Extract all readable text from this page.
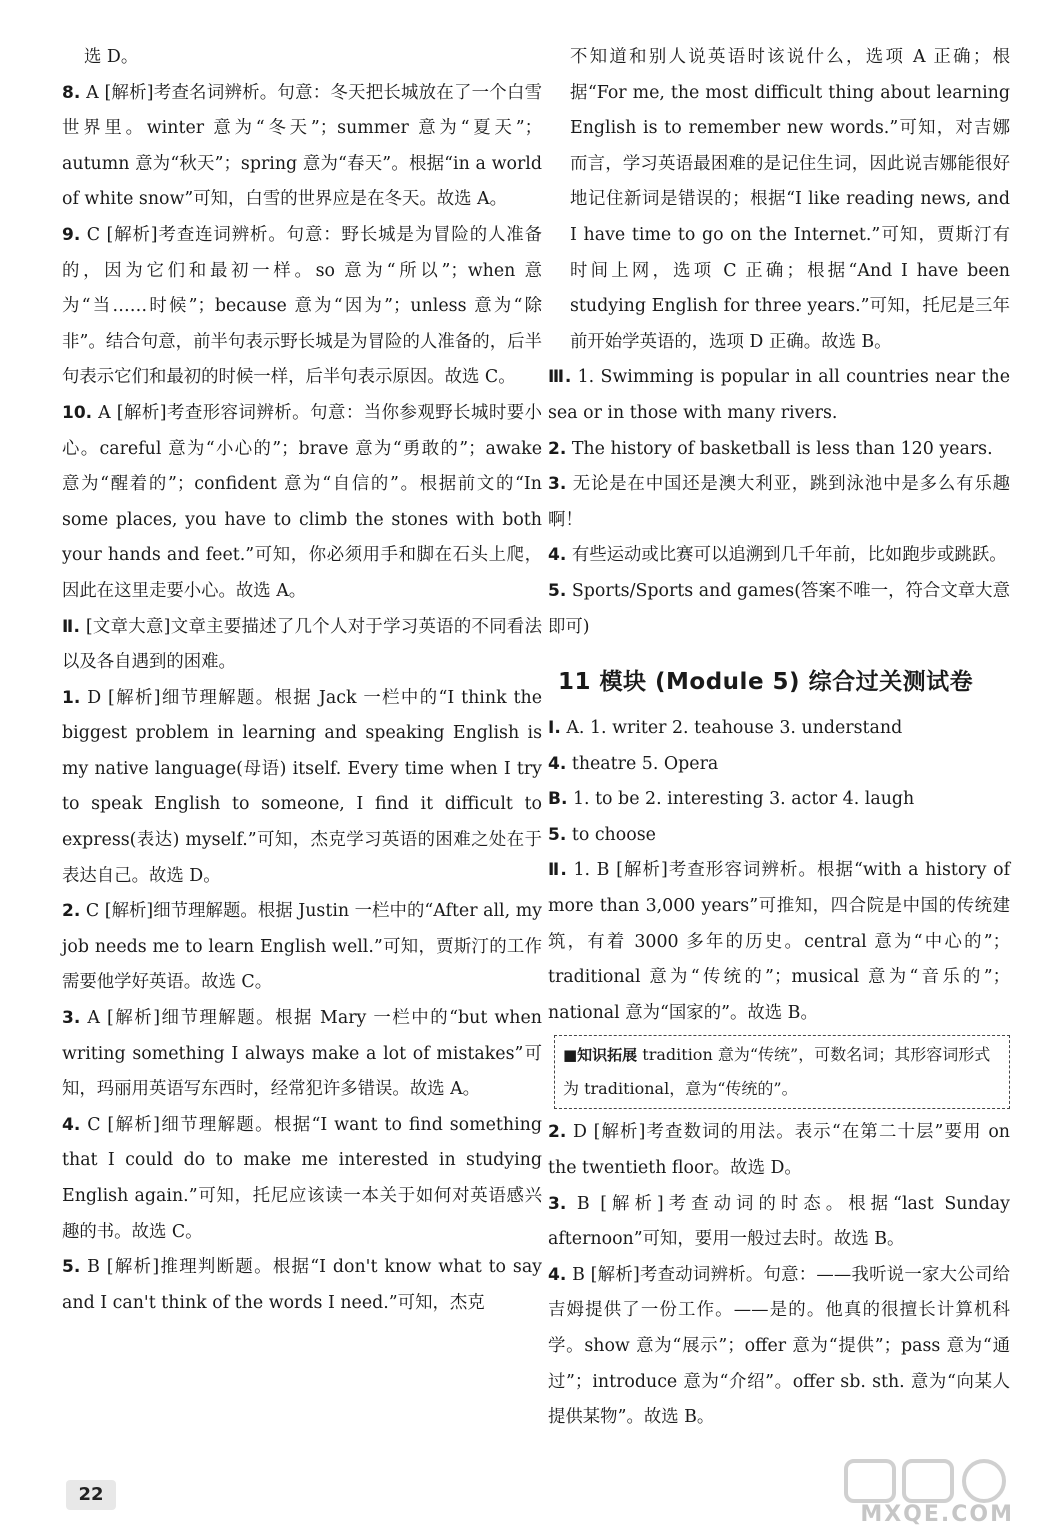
选 D。

8. A [解析]考查名词辨析。句意：冬天把长城放在了一个白雪世界里。winter 意为“冬天”；summer 意为“夏天”；autumn 意为“秋天”；spring 意为“春天”。根据“in a world of white snow”可知，白雪的世界应是在冬天。故选 A。

9. C [解析]考查连词辨析。句意：野长城是为冒险的人准备的，因为它们和最初一样。so 意为“所以”；when 意为“当……时候”；because 意为“因为”；unless 意为“除非”。结合句意，前半句表示野长城是为冒险的人准备的，后半句表示它们和最初的时候一样，后半句表示原因。故选 C。

10. A [解析]考查形容词辨析。句意：当你参观野长城时要小心。careful 意为“小心的”；brave 意为“勇敢的”；awake 意为“醒着的”；confident 意为“自信的”。根据前文的“In some places, you have to climb the stones with both your hands and feet.”可知，你必须用手和脚在石头上爬，因此在这里走要小心。故选 A。

Ⅱ. [文章大意]文章主要描述了几个人对于学习英语的不同看法以及各自遇到的困难。

1. D [解析]细节理解题。根据 Jack 一栏中的“I think the biggest problem in learning and speaking English is my native language(母语) itself. Every time when I try to speak English to someone, I find it difficult to express(表达) myself.”可知，杰克学习英语的困难之处在于表达自己。故选 D。

2. C [解析]细节理解题。根据 Justin 一栏中的“After all, my job needs me to learn English well.”可知，贾斯汀的工作需要他学好英语。故选 C。

3. A [解析]细节理解题。根据 Mary 一栏中的“but when writing something I always make a lot of mistakes”可知，玛丽用英语写东西时，经常犯许多错误。故选 A。

4. C [解析]细节理解题。根据“I want to find something that I could do to make me interested in studying English again.”可知，托尼应该读一本关于如何对英语感兴趣的书。故选 C。

5. B [解析]推理判断题。根据“I don't know what to say and I can't think of the words I need.”可知，杰克

不知道和别人说英语时该说什么，选项 A 正确；根据“For me, the most difficult thing about learning English is to remember new words.”可知，对吉娜而言，学习英语最困难的是记住生词，因此说吉娜能很好地记住新词是错误的；根据“I like reading news, and I have time to go on the Internet.”可知，贾斯汀有时间上网，选项 C 正确；根据“And I have been studying English for three years.”可知，托尼是三年前开始学英语的，选项 D 正确。故选 B。

Ⅲ. 1. Swimming is popular in all countries near the sea or in those with many rivers.

2. The history of basketball is less than 120 years.

3. 无论是在中国还是澳大利亚，跳到泳池中是多么有乐趣啊！

4. 有些运动或比赛可以追溯到几千年前，比如跑步或跳跃。

5. Sports/Sports and games(答案不唯一，符合文章大意即可)

11 模块 (Module 5) 综合过关测试卷

Ⅰ. A. 1. writer 2. teahouse 3. understand

4. theatre 5. Opera

B. 1. to be 2. interesting 3. actor 4. laugh

5. to choose

Ⅱ. 1. B [解析]考查形容词辨析。根据“with a history of more than 3,000 years”可推知，四合院是中国的传统建筑，有着 3000 多年的历史。central 意为“中心的”；traditional 意为“传统的”；musical 意为“音乐的”；national 意为“国家的”。故选 B。

■知识拓展 tradition 意为“传统”，可数名词；其形容词形式为 traditional，意为“传统的”。

2. D [解析]考查数词的用法。表示“在第二十层”要用 on the twentieth floor。故选 D。

3. B [解析]考查动词的时态。根据“last Sunday afternoon”可知，要用一般过去时。故选 B。

4. B [解析]考查动词辨析。句意：——我听说一家大公司给吉姆提供了一份工作。——是的。他真的很擅长计算机科学。show 意为“展示”；offer 意为“提供”；pass 意为“通过”；introduce 意为“介绍”。offer sb. sth. 意为“向某人提供某物”。故选 B。

22
MXQE.COM
